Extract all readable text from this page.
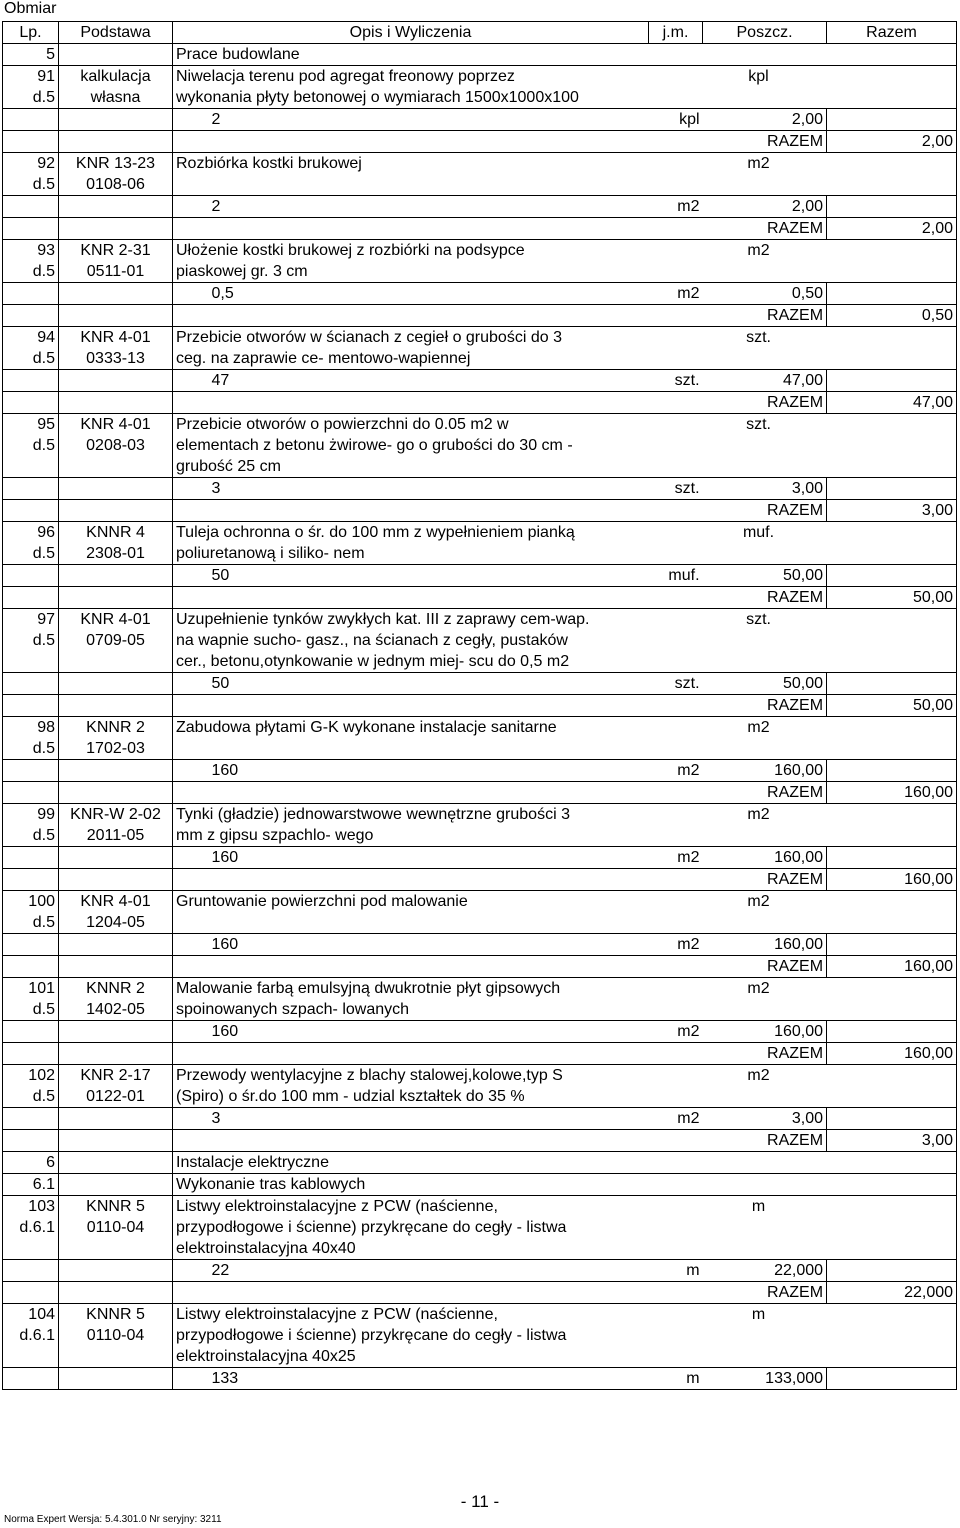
Obmiar
Lp.	Podstawa	Opis i Wyliczenia		j.m.		Poszcz.	Razem	
5		Prace budowlane						
91	kalkulacja	Niwelacja terenu pod agregat freonowy poprzez			kpl			
d.5	własna	wykonania płyty betonowej o wymiarach 1500x1000x100						
			2	kpl		2,00		
						RAZEM	2,00	
92	KNR 13-23	Rozbiórka kostki brukowej			m2			
d.5	0108-06							
			2	m2		2,00		
						RAZEM	2,00	
93	KNR 2-31	Ułożenie kostki brukowej z rozbiórki na podsypce			m2			
d.5	0511-01	piaskowej gr. 3 cm						
			0,5	m2		0,50		
						RAZEM	0,50	
94	KNR 4-01	Przebicie otworów w ścianach z cegieł o grubości do 3			szt.			
d.5	0333-13	ceg. na zaprawie ce- mentowo-wapiennej						
			47	szt.		47,00		
						RAZEM	47,00	
95	KNR 4-01	Przebicie otworów o powierzchni do 0.05 m2 w			szt.			
d.5	0208-03	elementach z betonu żwirowe- go o grubości do 30 cm -						
		grubość 25 cm						
			3	szt.		3,00		
						RAZEM	3,00	
96	KNNR 4	Tuleja ochronna o śr. do 100 mm z wypełnieniem pianką			muf.			
d.5	2308-01	poliuretanową i siliko- nem						
			50	muf.		50,00		
						RAZEM	50,00	
97	KNR 4-01	Uzupełnienie tynków zwykłych kat. III z zaprawy cem-wap.			szt.			
d.5	0709-05	na wapnie sucho- gasz., na ścianach z cegły, pustaków						
		cer., betonu,otynkowanie w jednym miej- scu do 0,5 m2						
			50	szt.		50,00		
						RAZEM	50,00	
98	KNNR 2	Zabudowa płytami G-K wykonane instalacje sanitarne			m2			
d.5	1702-03							
			160	m2		160,00		
						RAZEM	160,00	
99	KNR-W 2-02	Tynki (gładzie) jednowarstwowe wewnętrzne grubości 3			m2			
d.5	2011-05	mm z gipsu szpachlo- wego						
			160	m2		160,00		
						RAZEM	160,00	
100	KNR 4-01	Gruntowanie powierzchni pod malowanie			m2			
d.5	1204-05							
			160	m2		160,00		
						RAZEM	160,00	
101	KNNR 2	Malowanie farbą emulsyjną dwukrotnie płyt gipsowych			m2			
d.5	1402-05	spoinowanych szpach- lowanych						
			160	m2		160,00		
						RAZEM	160,00	
102	KNR 2-17	Przewody wentylacyjne z blachy stalowej,kolowe,typ S			m2			
d.5	0122-01	(Spiro) o śr.do 100 mm - udzial kształtek do 35 %						
			3	m2		3,00		
						RAZEM	3,00	
6		Instalacje elektryczne						
6.1		Wykonanie tras kablowych						
103	KNNR 5	Listwy elektroinstalacyjne z PCW (naścienne,			m			
d.6.1	0110-04	przypodłogowe i ścienne) przykręcane do cegły - listwa						
		elektroinstalacyjna 40x40						
			22	m		22,000		
						RAZEM	22,000	
104	KNNR 5	Listwy elektroinstalacyjne z PCW (naścienne,			m			
d.6.1	0110-04	przypodłogowe i ścienne) przykręcane do cegły - listwa						
		elektroinstalacyjna 40x25						
			133	m		133,000		
- 11 -
Norma Expert Wersja: 5.4.301.0 Nr seryjny: 3211
